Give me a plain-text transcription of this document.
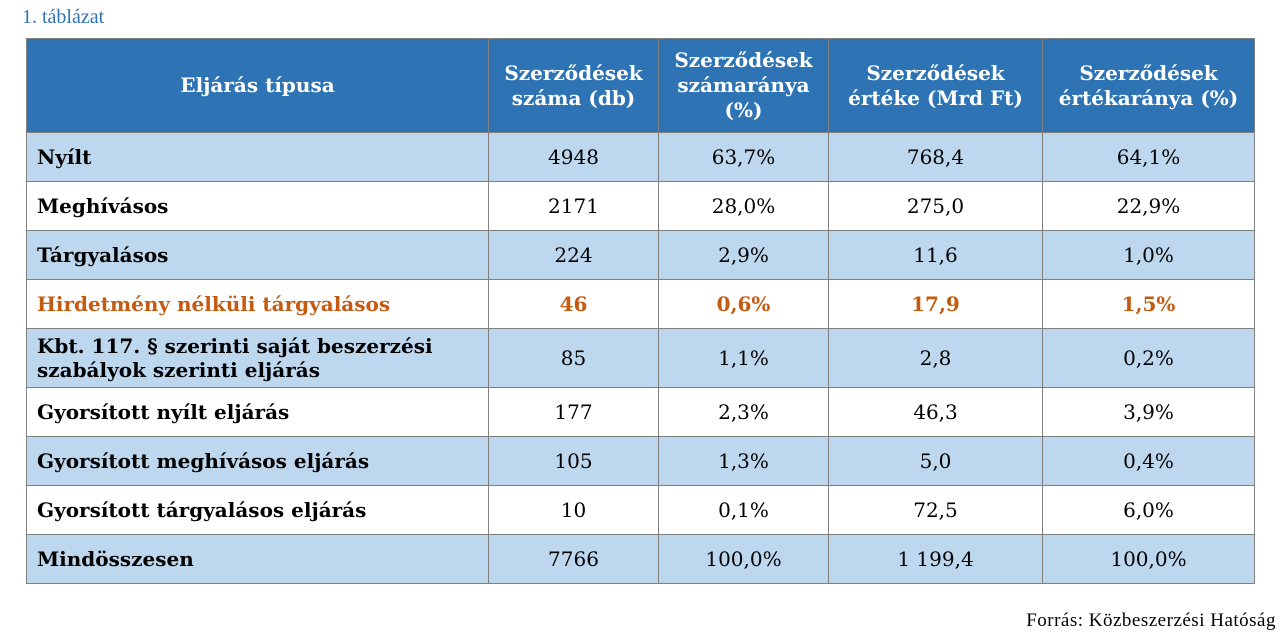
1. táblázat
Eljárás típusa	Szerződések száma (db)	Szerződések számaránya (%)	Szerződések értéke (Mrd Ft)	Szerződések értékaránya (%)
Nyílt	4948	63,7%	768,4	64,1%
Meghívásos	2171	28,0%	275,0	22,9%
Tárgyalásos	224	2,9%	11,6	1,0%
Hirdetmény nélküli tárgyalásos	46	0,6%	17,9	1,5%
Kbt. 117. § szerinti saját beszerzési szabályok szerinti eljárás	85	1,1%	2,8	0,2%
Gyorsított nyílt eljárás	177	2,3%	46,3	3,9%
Gyorsított meghívásos eljárás	105	1,3%	5,0	0,4%
Gyorsított tárgyalásos eljárás	10	0,1%	72,5	6,0%
Mindösszesen	7766	100,0%	1 199,4	100,0%
Forrás: Közbeszerzési Hatóság
